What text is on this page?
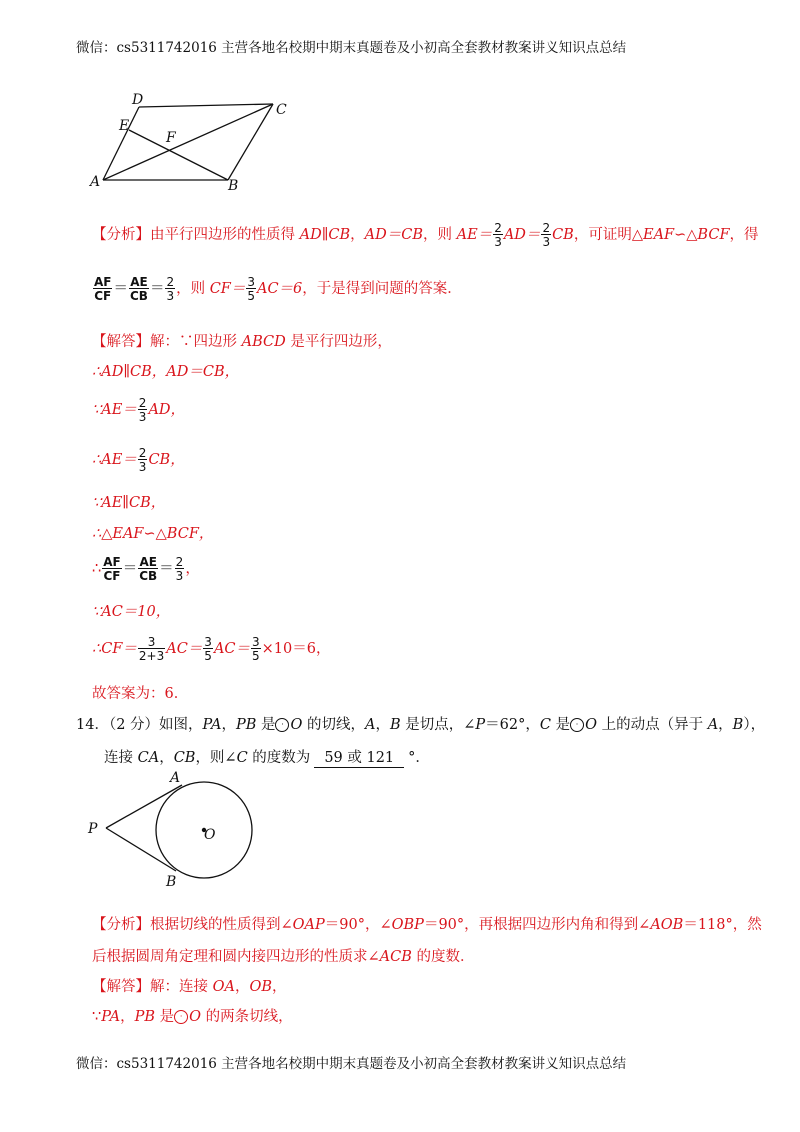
微信：cs5311742016 主营各地名校期中期末真题卷及小初高全套教材教案讲义知识点总结
D
C
E
F
A	B
【分析】由平行四边形的性质得 AD∥CB，AD＝CB，则 $AE= \frac{2}{3} AD= \frac{2}{3}$ CB，可证明△EAF∽△BCF，得
$\frac{AF}{CF} = \frac{AE}{CB} = \frac{2}{3}$ ，则 $CF= \frac{3}{5} AC=6$，于是得到问题的答案．
【解答】解：∵四边形 ABCD 是平行四边形，
∴AD∥CB，AD＝CB，
∵AE＝ $\frac{2}{3}$ AD，
∴AE＝ $\frac{2}{3}$ CB，
∵AE∥CB，
∴△EAF∽△BCF，
∴ $\frac{AF}{CF} = \frac{AE}{CB} = \frac{2}{3}$ ，
∵AC＝10，
∴CF＝ $\frac{3}{2+3} AC= \frac{3}{5} AC= \frac{3}{5} \times 10=6$，
故答案为：6．
14．（2 分）如图，PA，PB 是 · O 的切线，A，B 是切点，∠P＝62°，C 是 · O 上的动点（异于 A，B），
连接 CA，CB，则∠C 的度数为 59 或 121 °．
A
P	O
B
【分析】根据切线的性质得到∠OAP＝90°，∠OBP＝90°，再根据四边形内角和得到∠AOB＝118°，然
后根据圆周角定理和圆内接四边形的性质求∠ACB 的度数．
【解答】解：连接 OA，OB，
∵PA，PB 是 · O 的两条切线，
微信：cs5311742016 主营各地名校期中期末真题卷及小初高全套教材教案讲义知识点总结
